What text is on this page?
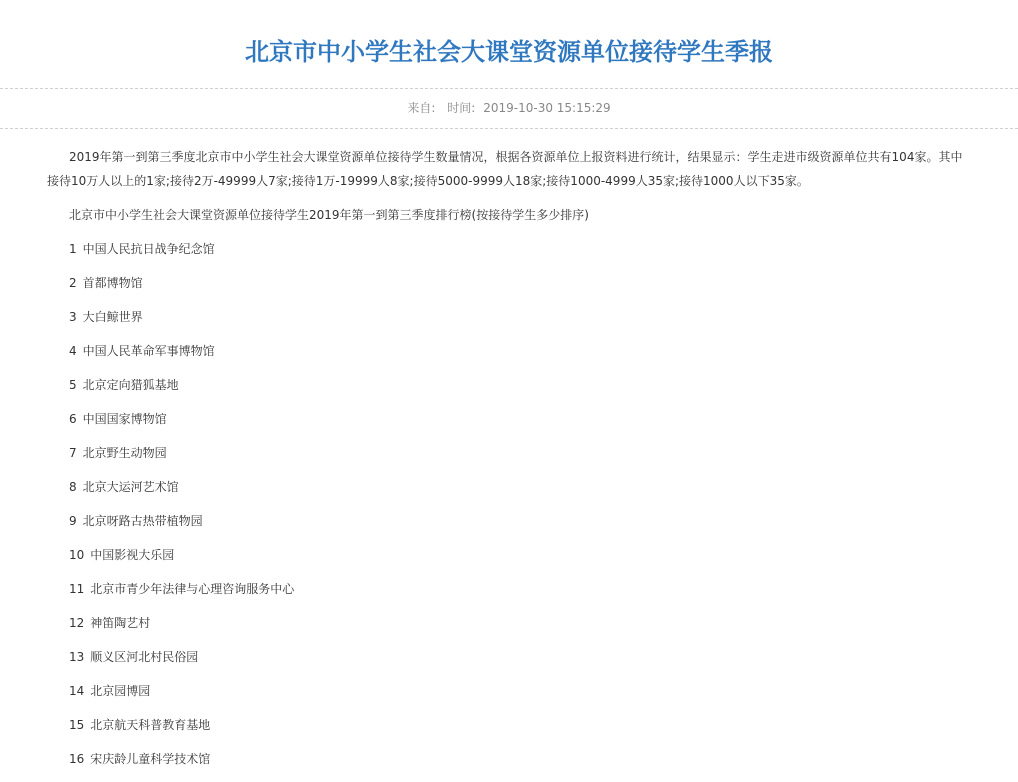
北京市中小学生社会大课堂资源单位接待学生季报
来自: 时间: 2019-10-30 15:15:29

2019年第一到第三季度北京市中小学生社会大课堂资源单位接待学生数量情况，根据各资源单位上报资料进行统计，结果显示：学生走进市级资源单位共有104家。其中接待10万人以上的1家;接待2万-49999人7家;接待1万-19999人8家;接待5000-9999人18家;接待1000-4999人35家;接待1000人以下35家。

北京市中小学生社会大课堂资源单位接待学生2019年第一到第三季度排行榜(按接待学生多少排序)

1 中国人民抗日战争纪念馆
2 首都博物馆
3 大白鲸世界
4 中国人民革命军事博物馆
5 北京定向猎狐基地
6 中国国家博物馆
7 北京野生动物园
8 北京大运河艺术馆
9 北京呀路古热带植物园
10 中国影视大乐园
11 北京市青少年法律与心理咨询服务中心
12 神笛陶艺村
13 顺义区河北村民俗园
14 北京园博园
15 北京航天科普教育基地
16 宋庆龄儿童科学技术馆
